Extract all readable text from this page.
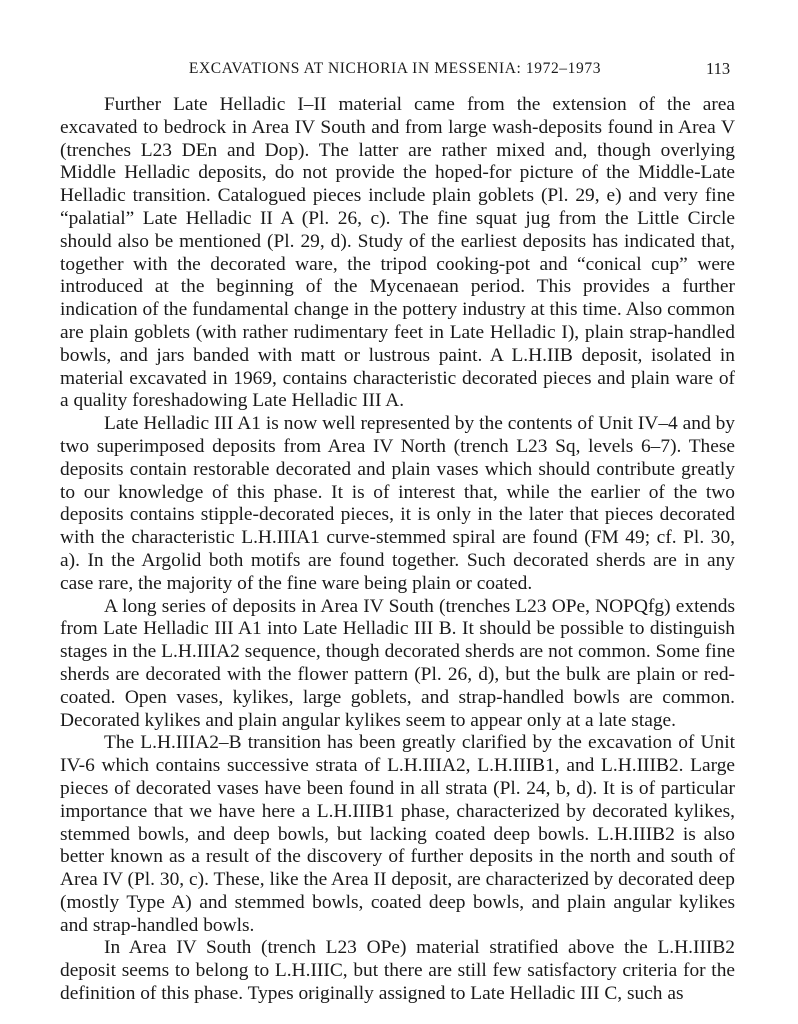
EXCAVATIONS AT NICHORIA IN MESSENIA: 1972–1973	113

Further Late Helladic I–II material came from the extension of the area excavated to bedrock in Area IV South and from large wash-deposits found in Area V (trenches L23 DEn and Dop). The latter are rather mixed and, though overlying Middle Helladic deposits, do not provide the hoped-for picture of the Middle-Late Helladic transition. Catalogued pieces include plain goblets (Pl. 29, e) and very fine “palatial” Late Helladic II A (Pl. 26, c). The fine squat jug from the Little Circle should also be mentioned (Pl. 29, d). Study of the earliest deposits has indicated that, together with the decorated ware, the tripod cooking-pot and “conical cup” were introduced at the beginning of the Mycenaean period. This provides a further indication of the fundamental change in the pottery industry at this time. Also common are plain goblets (with rather rudimentary feet in Late Helladic I), plain strap-handled bowls, and jars banded with matt or lustrous paint. A L.H.IIB deposit, isolated in material excavated in 1969, contains characteristic decorated pieces and plain ware of a quality foreshadowing Late Helladic III A.

Late Helladic III A1 is now well represented by the contents of Unit IV–4 and by two superimposed deposits from Area IV North (trench L23 Sq, levels 6–7). These deposits contain restorable decorated and plain vases which should contribute greatly to our knowledge of this phase. It is of interest that, while the earlier of the two deposits contains stipple-decorated pieces, it is only in the later that pieces decorated with the characteristic L.H.IIIA1 curve-stemmed spiral are found (FM 49; cf. Pl. 30, a). In the Argolid both motifs are found together. Such decorated sherds are in any case rare, the majority of the fine ware being plain or coated.

A long series of deposits in Area IV South (trenches L23 OPe, NOPQfg) extends from Late Helladic III A1 into Late Helladic III B. It should be possible to distinguish stages in the L.H.IIIA2 sequence, though decorated sherds are not common. Some fine sherds are decorated with the flower pattern (Pl. 26, d), but the bulk are plain or red-coated. Open vases, kylikes, large goblets, and strap-handled bowls are common. Decorated kylikes and plain angular kylikes seem to appear only at a late stage.

The L.H.IIIA2–B transition has been greatly clarified by the excavation of Unit IV-6 which contains successive strata of L.H.IIIA2, L.H.IIIB1, and L.H.IIIB2. Large pieces of decorated vases have been found in all strata (Pl. 24, b, d). It is of particular importance that we have here a L.H.IIIB1 phase, characterized by decorated kylikes, stemmed bowls, and deep bowls, but lacking coated deep bowls. L.H.IIIB2 is also better known as a result of the discovery of further deposits in the north and south of Area IV (Pl. 30, c). These, like the Area II deposit, are characterized by decorated deep (mostly Type A) and stemmed bowls, coated deep bowls, and plain angular kylikes and strap-handled bowls.

In Area IV South (trench L23 OPe) material stratified above the L.H.IIIB2 deposit seems to belong to L.H.IIIC, but there are still few satisfactory criteria for the definition of this phase. Types originally assigned to Late Helladic III C, such as
